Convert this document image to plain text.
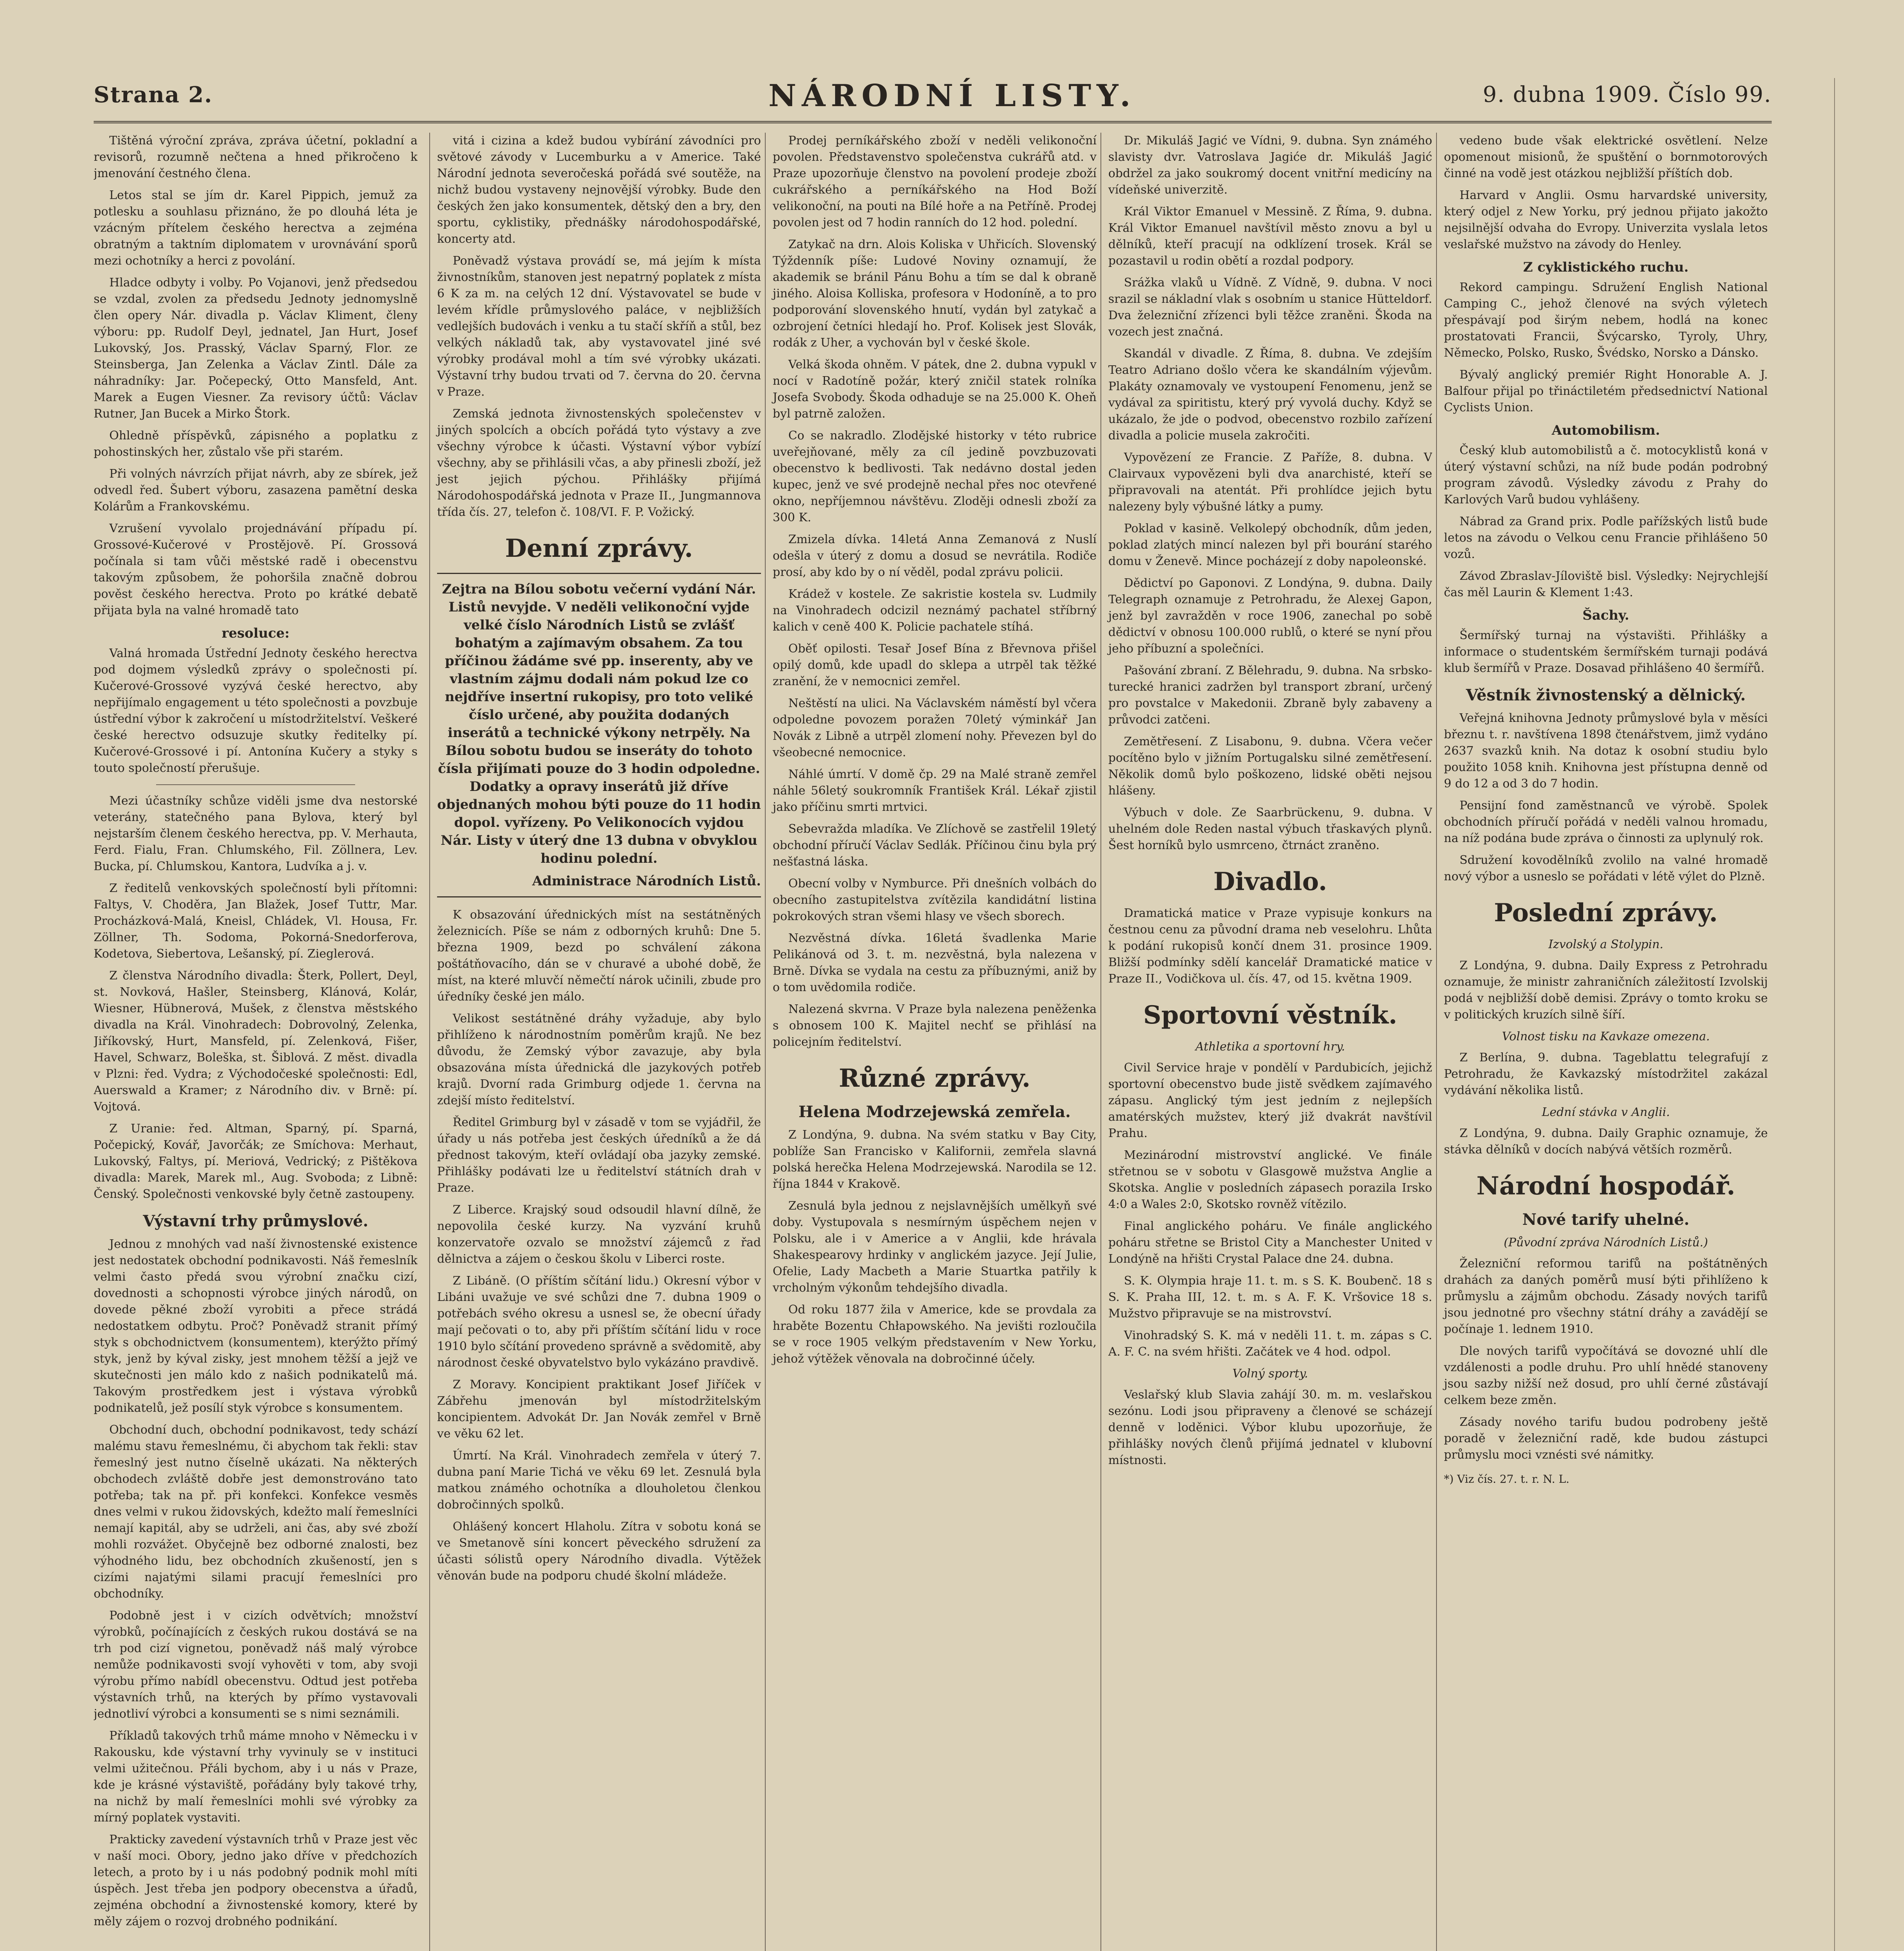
Strana 2.	NÁRODNÍ LISTY.	9. dubna 1909. Číslo 99.

Tištěná výroční zpráva, zpráva účetní, pokladní a revisorů, rozumně nečtena a hned přikročeno k jmenování čestného člena.

Letos stal se jím dr. Karel Pippich, jemuž za potlesku a souhlasu přiznáno, že po dlouhá léta je vzácným přítelem českého herectva a zejména obratným a taktním diplomatem v urovnávání sporů mezi ochotníky a herci z povolání.

Hladce odbyty i volby. Po Vojanovi, jenž předsedou se vzdal, zvolen za předsedu Jednoty jednomyslně člen opery Nár. divadla p. Václav Kliment, členy výboru: pp. Rudolf Deyl, jednatel, Jan Hurt, Josef Lukovský, Jos. Prasský, Václav Sparný, Flor. ze Steinsberga, Jan Zelenka a Václav Zintl. Dále za náhradníky: Jar. Počepecký, Otto Mansfeld, Ant. Marek a Eugen Viesner. Za revisory účtů: Václav Rutner, Jan Bucek a Mirko Štork.

Ohledně příspěvků, zápisného a poplatku z pohostinských her, zůstalo vše při starém.

Při volných návrzích přijat návrh, aby ze sbírek, jež odvedl řed. Šubert výboru, zasazena pamětní deska Kolárům a Frankovskému.

Vzrušení vyvolalo projednávání případu pí. Grossové-Kučerové v Prostějově. Pí. Grossová počínala si tam vůči městské radě i obecenstvu takovým způsobem, že pohoršila značně dobrou pověst českého herectva. Proto po krátké debatě přijata byla na valné hromadě tato

resoluce:

Valná hromada Ústřední Jednoty českého herectva pod dojmem výsledků zprávy o společnosti pí. Kučerové-Grossové vyzývá české herectvo, aby nepřijímalo engagement u této společnosti a povzbuje ústřední výbor k zakročení u místodržitelství. Veškeré české herectvo odsuzuje skutky ředitelky pí. Kučerové-Grossové i pí. Antonína Kučery a styky s touto společností přerušuje.

Mezi účastníky schůze viděli jsme dva nestorské veterány, statečného pana Bylova, který byl nejstarším členem českého herectva, pp. V. Merhauta, Ferd. Fialu, Fran. Chlumského, Fil. Zöllnera, Lev. Bucka, pí. Chlumskou, Kantora, Ludvíka a j. v.

Z ředitelů venkovských společností byli přítomni: Faltys, V. Choděra, Jan Blažek, Josef Tuttr, Mar. Procházková-Malá, Kneisl, Chládek, Vl. Housa, Fr. Zöllner, Th. Sodoma, Pokorná-Snedorferova, Kodetova, Siebertova, Lešanský, pí. Zieglerová.

Z členstva Národního divadla: Šterk, Pollert, Deyl, st. Novková, Hašler, Steinsberg, Klánová, Kolár, Wiesner, Hübnerová, Mušek, z členstva městského divadla na Král. Vinohradech: Dobrovolný, Zelenka, Jiříkovský, Hurt, Mansfeld, pí. Zelenková, Fišer, Havel, Schwarz, Boleška, st. Šiblová. Z měst. divadla v Plzni: řed. Vydra; z Východočeské společnosti: Edl, Auerswald a Kramer; z Národního div. v Brně: pí. Vojtová.

Z Uranie: řed. Altman, Sparný, pí. Sparná, Počepický, Kovář, Javorčák; ze Smíchova: Merhaut, Lukovský, Faltys, pí. Meriová, Vedrický; z Pištěkova divadla: Marek, Marek ml., Aug. Svoboda; z Libně: Čenský. Společnosti venkovské byly četně zastoupeny.

Výstavní trhy průmyslové.

Jednou z mnohých vad naší živnostenské existence jest nedostatek obchodní podnikavosti. Náš řemeslník velmi často předá svou výrobní značku cizí, dovednosti a schopnosti výrobce jiných národů, on dovede pěkné zboží vyrobiti a přece strádá nedostatkem odbytu. Proč? Poněvadž stranit přímý styk s obchodnictvem (konsumentem), kterýžto přímý styk, jenž by kýval zisky, jest mnohem těžší a jejž ve skutečnosti jen málo kdo z našich podnikatelů má. Takovým prostředkem jest i výstava výrobků podnikatelů, jež posílí styk výrobce s konsumentem.

Obchodní duch, obchodní podnikavost, tedy schází malému stavu řemeslnému, či abychom tak řekli: stav řemeslný jest nutno číselně ukázati. Na některých obchodech zvláště dobře jest demonstrováno tato potřeba; tak na př. při konfekci. Konfekce vesměs dnes velmi v rukou židovských, kdežto malí řemeslníci nemají kapitál, aby se udrželi, ani čas, aby své zboží mohli rozvážet. Obyčejně bez odborné znalosti, bez výhodného lidu, bez obchodních zkušeností, jen s cizími najatými silami pracují řemeslníci pro obchodníky.

Podobně jest i v cizích odvětvích; množství výrobků, počínajících z českých rukou dostává se na trh pod cizí vignetou, poněvadž náš malý výrobce nemůže podnikavosti svojí vyhověti v tom, aby svoji výrobu přímo nabídl obecenstvu. Odtud jest potřeba výstavních trhů, na kterých by přímo vystavovali jednotliví výrobci a konsumenti se s nimi seznámili.

Příkladů takových trhů máme mnoho v Německu i v Rakousku, kde výstavní trhy vyvinuly se v instituci velmi užitečnou. Přáli bychom, aby i u nás v Praze, kde je krásné výstaviště, pořádány byly takové trhy, na nichž by malí řemeslníci mohli své výrobky za mírný poplatek vystaviti.

Prakticky zavedení výstavních trhů v Praze jest věc v naší moci. Obory, jedno jako dříve v předchozích letech, a proto by i u nás podobný podnik mohl míti úspěch. Jest třeba jen podpory obecenstva a úřadů, zejména obchodní a živnostenské komory, které by měly zájem o rozvoj drobného podnikání.

vitá i cizina a kdež budou vybírání závodníci pro světové závody v Lucemburku a v Americe. Také Národní jednota severočeská pořádá své soutěže, na nichž budou vystaveny nejnovější výrobky. Bude den českých žen jako konsumentek, dětský den a bry, den sportu, cyklistiky, přednášky národohospodářské, koncerty atd.

Poněvadž výstava provádí se, má jejím k místa živnostníkům, stanoven jest nepatrný poplatek z místa 6 K za m. na celých 12 dní. Výstavovatel se bude v levém křídle průmyslového paláce, v nejbližších vedlejších budovách i venku a tu stačí skříň a stůl, bez velkých nákladů tak, aby vystavovatel jiné své výrobky prodával mohl a tím své výrobky ukázati. Výstavní trhy budou trvati od 7. června do 20. června v Praze.

Zemská jednota živnostenských společenstev v jiných spolcích a obcích pořádá tyto výstavy a zve všechny výrobce k účasti. Výstavní výbor vybízí všechny, aby se přihlásili včas, a aby přinesli zboží, jež jest jejich pýchou. Přihlášky přijímá Národohospodářská jednota v Praze II., Jungmannova třída čís. 27, telefon č. 108/VI. F. P. Vožický.

Denní zprávy.
Zejtra na Bílou sobotu večerní vydání Nár. Listů nevyjde. V neděli velikonoční vyjde velké číslo Národních Listů se zvlášť bohatým a zajímavým obsahem. Za tou příčinou žádáme své pp. inserenty, aby ve vlastním zájmu dodali nám pokud lze co nejdříve insertní rukopisy, pro toto veliké číslo určené, aby použita dodaných inserátů a technické výkony netrpěly. Na Bílou sobotu budou se inseráty do tohoto čísla přijímati pouze do 3 hodin odpoledne. Dodatky a opravy inserátů již dříve objednaných mohou býti pouze do 11 hodin dopol. vyřízeny. Po Velikonocích vyjdou Nár. Listy v úterý dne 13 dubna v obvyklou hodinu polední.
Administrace Národních Listů.

K obsazování úřednických míst na sestátněných železnicích. Píše se nám z odborných kruhů: Dne 5. března 1909, bezd po schválení zákona poštátňovacího, dán se v churavé a ubohé době, že míst, na které mluvčí němečtí nárok učinili, zbude pro úředníky české jen málo.

Velikost sestátněné dráhy vyžaduje, aby bylo přihlíženo k národnostním poměrům krajů. Ne bez důvodu, že Zemský výbor zavazuje, aby byla obsazována místa úřednická dle jazykových potřeb krajů. Dvorní rada Grimburg odjede 1. června na zdejší místo ředitelství.

Ředitel Grimburg byl v zásadě v tom se vyjádřil, že úřady u nás potřeba jest českých úředníků a že dá přednost takovým, kteří ovládají oba jazyky zemské. Přihlášky podávati lze u ředitelství státních drah v Praze.

Z Liberce. Krajský soud odsoudil hlavní dílně, že nepovolila české kurzy. Na vyzvání kruhů konzervatoře ozvalo se množství zájemců z řad dělnictva a zájem o českou školu v Liberci roste.

Z Libáně. (O příštím sčítání lidu.) Okresní výbor v Libáni uvažuje ve své schůzi dne 7. dubna 1909 o potřebách svého okresu a usnesl se, že obecní úřady mají pečovati o to, aby při příštím sčítání lidu v roce 1910 bylo sčítání provedeno správně a svědomitě, aby národnost české obyvatelstvo bylo vykázáno pravdivě.

Z Moravy. Koncipient praktikant Josef Jiříček v Zábřehu jmenován byl místodržitelským koncipientem. Advokát Dr. Jan Novák zemřel v Brně ve věku 62 let.

Úmrtí. Na Král. Vinohradech zemřela v úterý 7. dubna paní Marie Tichá ve věku 69 let. Zesnulá byla matkou známého ochotníka a dlouholetou členkou dobročinných spolků.

Ohlášený koncert Hlaholu. Zítra v sobotu koná se ve Smetanově síni koncert pěveckého sdružení za účasti sólistů opery Národního divadla. Výtěžek věnován bude na podporu chudé školní mládeže.

Prodej perníkářského zboží v neděli velikonoční povolen. Představenstvo společenstva cukrářů atd. v Praze upozorňuje členstvo na povolení prodeje zboží cukrářského a perníkářského na Hod Boží velikonoční, na pouti na Bílé hoře a na Petříně. Prodej povolen jest od 7 hodin ranních do 12 hod. polední.

Zatykač na drn. Alois Koliska v Uhřicích. Slovenský Týždenník píše: Ludové Noviny oznamují, že akademik se bránil Pánu Bohu a tím se dal k obraně jiného. Aloisa Kolliska, profesora v Hodoníně, a to pro podporování slovenského hnutí, vydán byl zatykač a ozbrojení četníci hledají ho. Prof. Kolisek jest Slovák, rodák z Uher, a vychován byl v české škole.

Velká škoda ohněm. V pátek, dne 2. dubna vypukl v nocí v Radotíně požár, který zničil statek rolníka Josefa Svobody. Škoda odhaduje se na 25.000 K. Oheň byl patrně založen.

Co se nakradlo. Zlodějské historky v této rubrice uveřejňované, měly za cíl jedině povzbuzovati obecenstvo k bedlivosti. Tak nedávno dostal jeden kupec, jenž ve své prodejně nechal přes noc otevřené okno, nepříjemnou návštěvu. Zloději odnesli zboží za 300 K.

Zmizela dívka. 14letá Anna Zemanová z Nuslí odešla v úterý z domu a dosud se nevrátila. Rodiče prosí, aby kdo by o ní věděl, podal zprávu policii.

Krádež v kostele. Ze sakristie kostela sv. Ludmily na Vinohradech odcizil neznámý pachatel stříbrný kalich v ceně 400 K. Policie pachatele stíhá.

Oběť opilosti. Tesař Josef Bína z Břevnova přišel opilý domů, kde upadl do sklepa a utrpěl tak těžké zranění, že v nemocnici zemřel.

Neštěstí na ulici. Na Václavském náměstí byl včera odpoledne povozem poražen 70letý výminkář Jan Novák z Libně a utrpěl zlomení nohy. Převezen byl do všeobecné nemocnice.

Náhlé úmrtí. V domě čp. 29 na Malé straně zemřel náhle 56letý soukromník František Král. Lékař zjistil jako příčinu smrti mrtvici.

Sebevražda mladíka. Ve Zlíchově se zastřelil 19letý obchodní příručí Václav Sedlák. Příčinou činu byla prý nešťastná láska.

Obecní volby v Nymburce. Při dnešních volbách do obecního zastupitelstva zvítězila kandidátní listina pokrokových stran všemi hlasy ve všech sborech.

Nezvěstná dívka. 16letá švadlenka Marie Pelikánová od 3. t. m. nezvěstná, byla nalezena v Brně. Dívka se vydala na cestu za příbuznými, aniž by o tom uvědomila rodiče.

Nalezená skvrna. V Praze byla nalezena peněženka s obnosem 100 K. Majitel nechť se přihlásí na policejním ředitelství.

Různé zprávy.
Helena Modrzejewská zemřela.

Z Londýna, 9. dubna. Na svém statku v Bay City, poblíže San Francisko v Kalifornii, zemřela slavná polská herečka Helena Modrzejewská. Narodila se 12. října 1844 v Krakově.

Zesnulá byla jednou z nejslavnějších umělkyň své doby. Vystupovala s nesmírným úspěchem nejen v Polsku, ale i v Americe a v Anglii, kde hrávala Shakespearovy hrdinky v anglickém jazyce. Její Julie, Ofelie, Lady Macbeth a Marie Stuartka patřily k vrcholným výkonům tehdejšího divadla.

Od roku 1877 žila v Americe, kde se provdala za hraběte Bozentu Chłapowského. Na jevišti rozloučila se v roce 1905 velkým představením v New Yorku, jehož výtěžek věnovala na dobročinné účely.

Dr. Mikuláš Jagić ve Vídni, 9. dubna. Syn známého slavisty dvr. Vatroslava Jagiće dr. Mikuláš Jagić obdržel za jako soukromý docent vnitřní medicíny na vídeňské univerzitě.

Král Viktor Emanuel v Messině. Z Říma, 9. dubna. Král Viktor Emanuel navštívil město znovu a byl u dělníků, kteří pracují na odklízení trosek. Král se pozastavil u rodin obětí a rozdal podpory.

Srážka vlaků u Vídně. Z Vídně, 9. dubna. V noci srazil se nákladní vlak s osobním u stanice Hütteldorf. Dva železniční zřízenci byli těžce zraněni. Škoda na vozech jest značná.

Skandál v divadle. Z Říma, 8. dubna. Ve zdejším Teatro Adriano došlo včera ke skandálním výjevům. Plakáty oznamovaly ve vystoupení Fenomenu, jenž se vydával za spiritistu, který prý vyvolá duchy. Když se ukázalo, že jde o podvod, obecenstvo rozbilo zařízení divadla a policie musela zakročiti.

Vypovězení ze Francie. Z Paříže, 8. dubna. V Clairvaux vypovězeni byli dva anarchisté, kteří se připravovali na atentát. Při prohlídce jejich bytu nalezeny byly výbušné látky a pumy.

Poklad v kasině. Velkolepý obchodník, dům jeden, poklad zlatých mincí nalezen byl při bourání starého domu v Ženevě. Mince pocházejí z doby napoleonské.

Dědictví po Gaponovi. Z Londýna, 9. dubna. Daily Telegraph oznamuje z Petrohradu, že Alexej Gapon, jenž byl zavražděn v roce 1906, zanechal po sobě dědictví v obnosu 100.000 rublů, o které se nyní přou jeho příbuzní a společníci.

Pašování zbraní. Z Bělehradu, 9. dubna. Na srbsko-turecké hranici zadržen byl transport zbraní, určený pro povstalce v Makedonii. Zbraně byly zabaveny a průvodci zatčeni.

Zemětřesení. Z Lisabonu, 9. dubna. Včera večer pocítěno bylo v jižním Portugalsku silné zemětřesení. Několik domů bylo poškozeno, lidské oběti nejsou hlášeny.

Výbuch v dole. Ze Saarbrückenu, 9. dubna. V uhelném dole Reden nastal výbuch třaskavých plynů. Šest horníků bylo usmrceno, čtrnáct zraněno.

Divadlo.

Dramatická matice v Praze vypisuje konkurs na čestnou cenu za původní drama neb veselohru. Lhůta k podání rukopisů končí dnem 31. prosince 1909. Bližší podmínky sdělí kancelář Dramatické matice v Praze II., Vodičkova ul. čís. 47, od 15. května 1909.

Sportovní věstník.
Athletika a sportovní hry.

Civil Service hraje v pondělí v Pardubicích, jejichž sportovní obecenstvo bude jistě svědkem zajímavého zápasu. Anglický tým jest jedním z nejlepších amatérských mužstev, který již dvakrát navštívil Prahu.

Mezinárodní mistrovství anglické. Ve finále střetnou se v sobotu v Glasgowě mužstva Anglie a Skotska. Anglie v posledních zápasech porazila Irsko 4:0 a Wales 2:0, Skotsko rovněž vítězilo.

Final anglického poháru. Ve finále anglického poháru střetne se Bristol City a Manchester United v Londýně na hřišti Crystal Palace dne 24. dubna.

S. K. Olympia hraje 11. t. m. s S. K. Boubenč. 18 s S. K. Praha III, 12. t. m. s A. F. K. Vršovice 18 s. Mužstvo připravuje se na mistrovství.

Vinohradský S. K. má v neděli 11. t. m. zápas s C. A. F. C. na svém hřišti. Začátek ve 4 hod. odpol.

Volný sporty.

Veslařský klub Slavia zahájí 30. m. m. veslařskou sezónu. Lodi jsou připraveny a členové se scházejí denně v loděnici. Výbor klubu upozorňuje, že přihlášky nových členů přijímá jednatel v klubovní místnosti.

vedeno bude však elektrické osvětlení. Nelze opomenout misionů, že spuštění o bornmotorových činné na vodě jest otázkou nejbližší příštích dob.

Harvard v Anglii. Osmu harvardské university, který odjel z New Yorku, prý jednou přijato jakožto nejsilnější odvaha do Evropy. Univerzita vyslala letos veslařské mužstvo na závody do Henley.

Z cyklistického ruchu.

Rekord campingu. Sdružení English National Camping C., jehož členové na svých výletech přespávají pod širým nebem, hodlá na konec prostatovati Francii, Švýcarsko, Tyroly, Uhry, Německo, Polsko, Rusko, Švédsko, Norsko a Dánsko.

Bývalý anglický premiér Right Honorable A. J. Balfour přijal po třináctiletém předsednictví National Cyclists Union.

Automobilism.

Český klub automobilistů a č. motocyklistů koná v úterý výstavní schůzi, na níž bude podán podrobný program závodů. Výsledky závodu z Prahy do Karlových Varů budou vyhlášeny.

Nábrad za Grand prix. Podle pařížských listů bude letos na závodu o Velkou cenu Francie přihlášeno 50 vozů.

Závod Zbraslav-Jíloviště bisl. Výsledky: Nejrychlejší čas měl Laurin & Klement 1:43.

Šachy.

Šermířský turnaj na výstavišti. Přihlášky a informace o studentském šermířském turnaji podává klub šermířů v Praze. Dosavad přihlášeno 40 šermířů.

Věstník živnostenský a dělnický.

Veřejná knihovna Jednoty průmyslové byla v měsíci březnu t. r. navštívena 1898 čtenářstvem, jimž vydáno 2637 svazků knih. Na dotaz k osobní studiu bylo použito 1058 knih. Knihovna jest přístupna denně od 9 do 12 a od 3 do 7 hodin.

Pensijní fond zaměstnanců ve výrobě. Spolek obchodních příručí pořádá v neděli valnou hromadu, na níž podána bude zpráva o činnosti za uplynulý rok.

Sdružení kovodělníků zvolilo na valné hromadě nový výbor a usneslo se pořádati v létě výlet do Plzně.

Poslední zprávy.
Izvolský a Stolypin.

Z Londýna, 9. dubna. Daily Express z Petrohradu oznamuje, že ministr zahraničních záležitostí Izvolskij podá v nejbližší době demisi. Zprávy o tomto kroku se v politických kruzích silně šíří.

Volnost tisku na Kavkaze omezena.

Z Berlína, 9. dubna. Tageblattu telegrafují z Petrohradu, že Kavkazský místodržitel zakázal vydávání několika listů.

Lední stávka v Anglii.

Z Londýna, 9. dubna. Daily Graphic oznamuje, že stávka dělníků v docích nabývá větších rozměrů.

Národní hospodář.
Nové tarify uhelné.
(Původní zpráva Národních Listů.)

Železniční reformou tarifů na poštátněných drahách za daných poměrů musí býti přihlíženo k průmyslu a zájmům obchodu. Zásady nových tarifů jsou jednotné pro všechny státní dráhy a zavádějí se počínaje 1. lednem 1910.

Dle nových tarifů vypočítává se dovozné uhlí dle vzdálenosti a podle druhu. Pro uhlí hnědé stanoveny jsou sazby nižší než dosud, pro uhlí černé zůstávají celkem beze změn.

Zásady nového tarifu budou podrobeny ještě poradě v železniční radě, kde budou zástupci průmyslu moci vznésti své námitky.

*) Viz čís. 27. t. r. N. L.
